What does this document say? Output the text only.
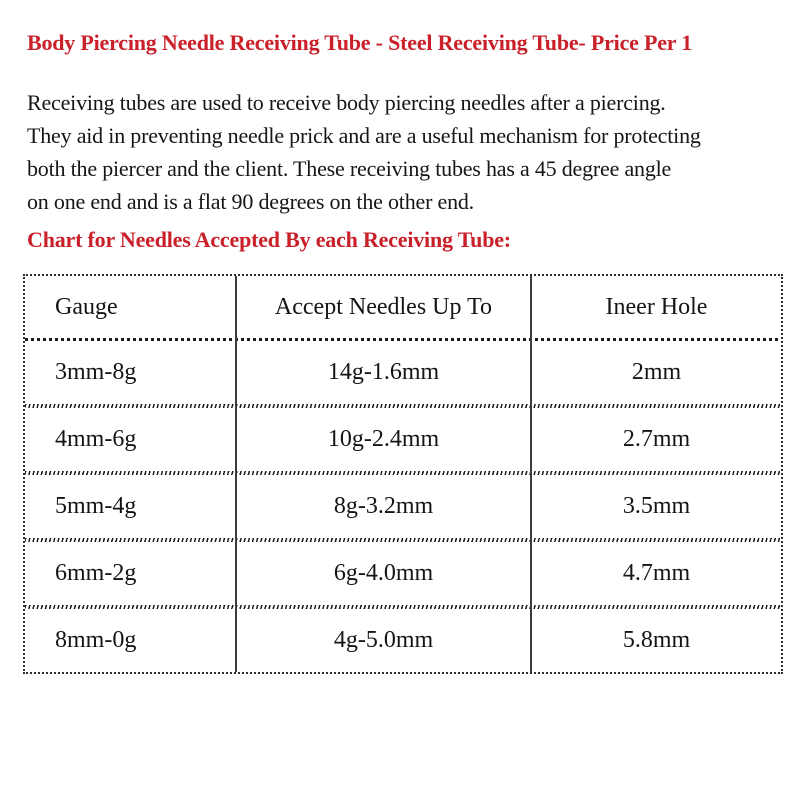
Body Piercing Needle Receiving Tube - Steel Receiving Tube- Price Per 1

Receiving tubes are used to receive body piercing needles after a piercing.
They aid in preventing needle prick and are a useful mechanism for protecting
both the piercer and the client. These receiving tubes has a 45 degree angle
on one end and is a flat 90 degrees on the other end.

Chart for Needles Accepted By each Receiving Tube:
Gauge	Accept Needles Up To	Ineer Hole
3mm-8g	14g-1.6mm	2mm
4mm-6g	10g-2.4mm	2.7mm
5mm-4g	8g-3.2mm	3.5mm
6mm-2g	6g-4.0mm	4.7mm
8mm-0g	4g-5.0mm	5.8mm
